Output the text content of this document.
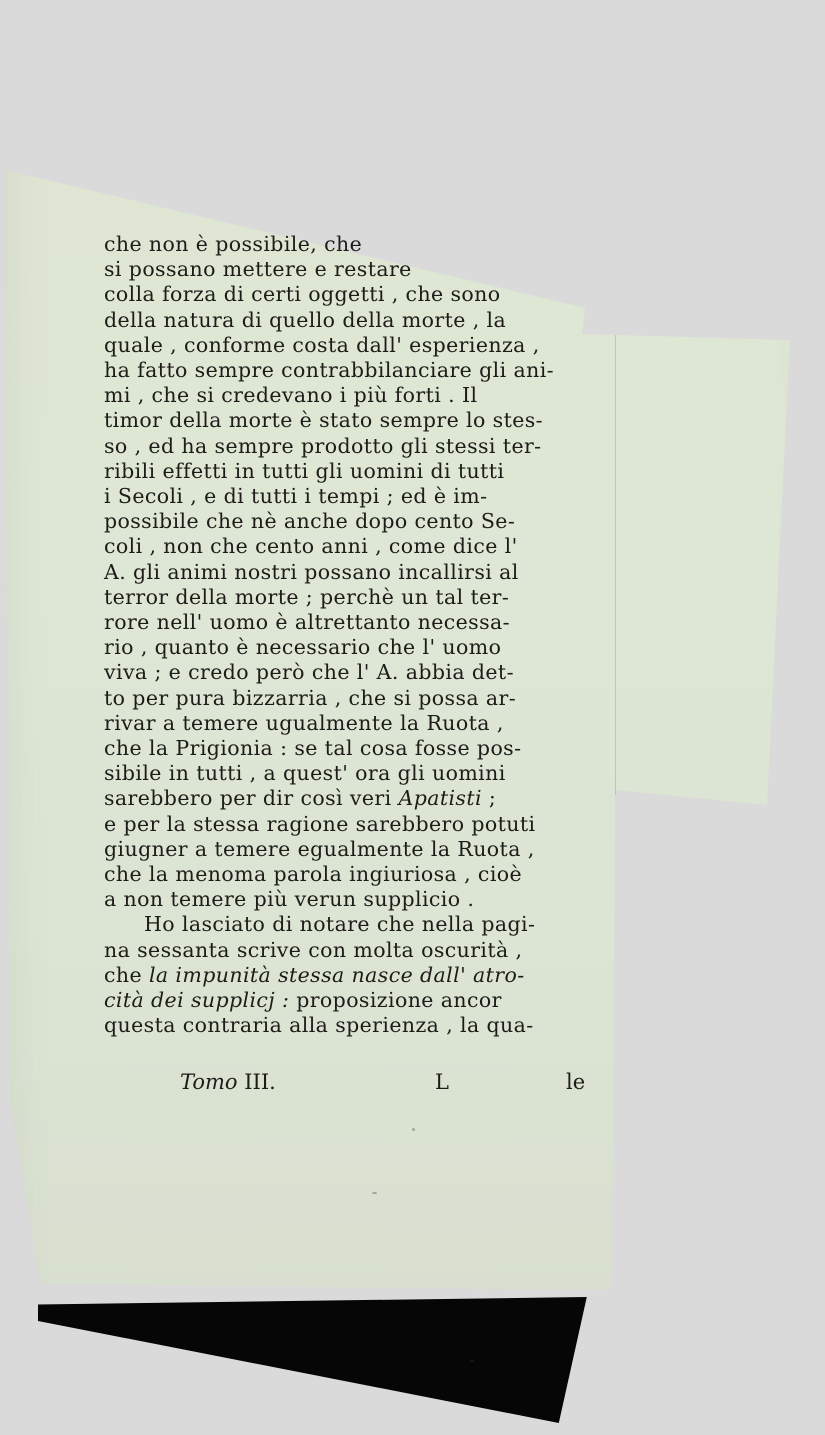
che non è possibile, che
si possano mettere e restare
colla forza di certi oggetti , che sono
della natura di quello della morte , la
quale , conforme costa dall' esperienza ,
ha fatto sempre contrabbilanciare gli ani-
mi , che si credevano i più forti . Il
timor della morte è stato sempre lo stes-
so , ed ha sempre prodotto gli stessi ter-
ribili effetti in tutti gli uomini di tutti
i Secoli , e di tutti i tempi ; ed è im-
possibile che nè anche dopo cento Se-
coli , non che cento anni , come dice l'
A. gli animi nostri possano incallirsi al
terror della morte ; perchè un tal ter-
rore nell' uomo è altrettanto necessa-
rio , quanto è necessario che l' uomo
viva ; e credo però che l' A. abbia det-
to per pura bizzarria , che si possa ar-
rivar a temere ugualmente la Ruota ,
che la Prigionia : se tal cosa fosse pos-
sibile in tutti , a quest' ora gli uomini
sarebbero per dir così veri Apatisti ;
e per la stessa ragione sarebbero potuti
giugner a temere egualmente la Ruota ,
che la menoma parola ingiuriosa , cioè
a non temere più verun supplicio .
Ho lasciato di notare che nella pagi-
na sessanta scrive con molta oscurità ,
che la impunità stessa nasce dall' atro-
cità dei supplicj : proposizione ancor
questa contraria alla sperienza , la qua-
Tomo III.	L	le
